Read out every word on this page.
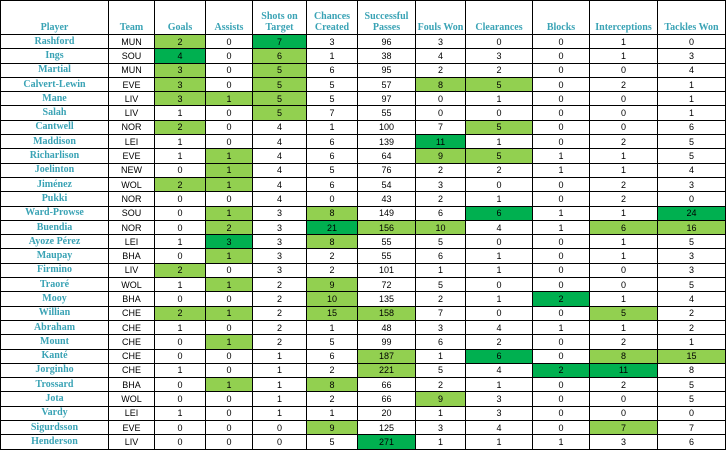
Player	Team	Goals	Assists	Shots on Target	Chances Created	Successful Passes	Fouls Won	Clearances	Blocks	Interceptions	Tackles Won
Rashford	MUN	2	0	7	3	96	3	0	0	1	0
Ings	SOU	4	0	6	1	38	4	3	0	1	3
Martial	MUN	3	0	5	6	95	2	2	0	0	4
Calvert-Lewin	EVE	3	0	5	5	57	8	5	0	2	1
Mane	LIV	3	1	5	5	97	0	1	0	0	1
Salah	LIV	1	0	5	7	55	0	0	0	0	1
Cantwell	NOR	2	0	4	1	100	7	5	0	0	6
Maddison	LEI	1	0	4	6	139	11	1	0	2	5
Richarlison	EVE	1	1	4	6	64	9	5	1	1	5
Joelinton	NEW	0	1	4	5	76	2	2	1	1	4
Jiménez	WOL	2	1	4	6	54	3	0	0	2	3
Pukki	NOR	0	0	4	0	43	2	1	0	2	0
Ward-Prowse	SOU	0	1	3	8	149	6	6	1	1	24
Buendia	NOR	0	2	3	21	156	10	4	1	6	16
Ayoze Pérez	LEI	1	3	3	8	55	5	0	0	1	5
Maupay	BHA	0	1	3	2	55	6	1	0	1	3
Firmino	LIV	2	0	3	2	101	1	1	0	0	3
Traoré	WOL	1	1	2	9	72	5	0	0	0	5
Mooy	BHA	0	0	2	10	135	2	1	2	1	4
Willian	CHE	2	1	2	15	158	7	0	0	5	2
Abraham	CHE	1	0	2	1	48	3	4	1	1	2
Mount	CHE	0	1	2	5	99	6	2	0	2	1
Kanté	CHE	0	0	1	6	187	1	6	0	8	15
Jorginho	CHE	1	0	1	2	221	5	4	2	11	8
Trossard	BHA	0	1	1	8	66	2	1	0	2	5
Jota	WOL	0	0	1	2	66	9	3	0	0	5
Vardy	LEI	1	0	1	1	20	1	3	0	0	0
Sigurdsson	EVE	0	0	0	9	125	3	4	0	7	7
Henderson	LIV	0	0	0	5	271	1	1	1	3	6
